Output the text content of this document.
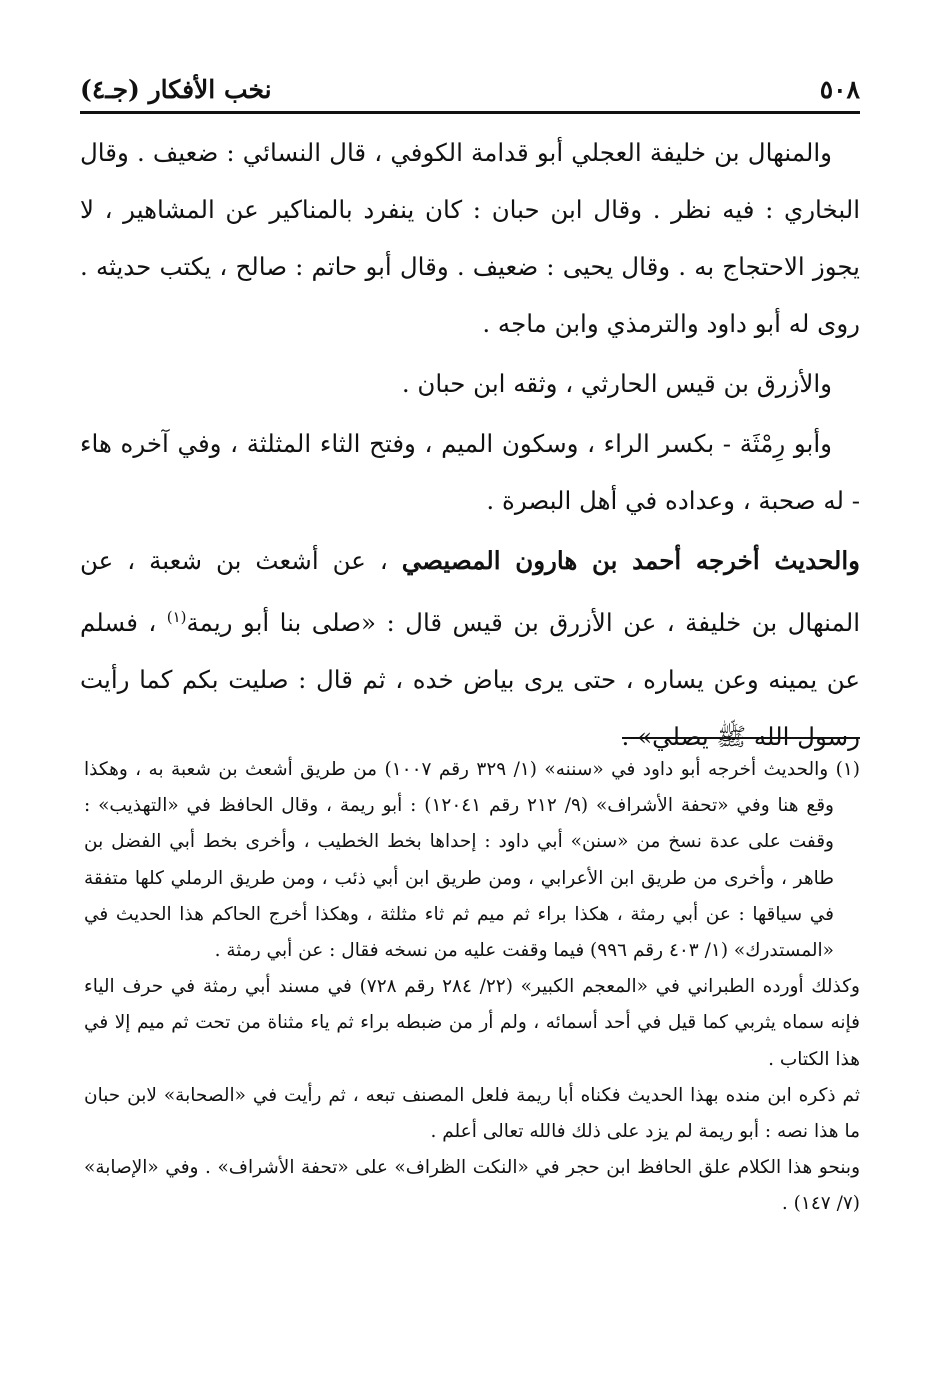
٥٠٨
نخب الأفكار (جـ٤)

والمنهال بن خليفة العجلي أبو قدامة الكوفي ، قال النسائي : ضعيف . وقال البخاري : فيه نظر . وقال ابن حبان : كان ينفرد بالمناكير عن المشاهير ، لا يجوز الاحتجاج به . وقال يحيى : ضعيف . وقال أبو حاتم : صالح ، يكتب حديثه . روى له أبو داود والترمذي وابن ماجه .

والأزرق بن قيس الحارثي ، وثقه ابن حبان .

وأبو رِمْثَة - بكسر الراء ، وسكون الميم ، وفتح الثاء المثلثة ، وفي آخره هاء - له صحبة ، وعداده في أهل البصرة .

والحديث أخرجه أحمد بن هارون المصيصي ، عن أشعث بن شعبة ، عن المنهال بن خليفة ، عن الأزرق بن قيس قال : «صلى بنا أبو ريمة$^{(١)}$ ، فسلم عن يمينه وعن يساره ، حتى يرى بياض خده ، ثم قال : صليت بكم كما رأيت رسول الله ﷺ يصلي» .

(١) والحديث أخرجه أبو داود في «سننه» (١/ ٣٢٩ رقم ١٠٠٧) من طريق أشعث بن شعبة به ، وهكذا وقع هنا وفي «تحفة الأشراف» (٩/ ٢١٢ رقم ١٢٠٤١) : أبو ريمة ، وقال الحافظ في «التهذيب» : وقفت على عدة نسخ من «سنن» أبي داود : إحداها بخط الخطيب ، وأخرى بخط أبي الفضل بن طاهر ، وأخرى من طريق ابن الأعرابي ، ومن طريق ابن أبي ذئب ، ومن طريق الرملي كلها متفقة في سياقها : عن أبي رمثة ، هكذا براء ثم ميم ثم ثاء مثلثة ، وهكذا أخرج الحاكم هذا الحديث في «المستدرك» (١/ ٤٠٣ رقم ٩٩٦) فيما وقفت عليه من نسخه فقال : عن أبي رمثة .

وكذلك أورده الطبراني في «المعجم الكبير» (٢٢/ ٢٨٤ رقم ٧٢٨) في مسند أبي رمثة في حرف الياء فإنه سماه يثربي كما قيل في أحد أسمائه ، ولم أر من ضبطه براء ثم ياء مثناة من تحت ثم ميم إلا في هذا الكتاب .

ثم ذكره ابن منده بهذا الحديث فكناه أبا ريمة فلعل المصنف تبعه ، ثم رأيت في «الصحابة» لابن حبان ما هذا نصه : أبو ريمة لم يزد على ذلك فالله تعالى أعلم .

وبنحو هذا الكلام علق الحافظ ابن حجر في «النكت الظراف» على «تحفة الأشراف» . وفي «الإصابة» (٧/ ١٤٧) .
